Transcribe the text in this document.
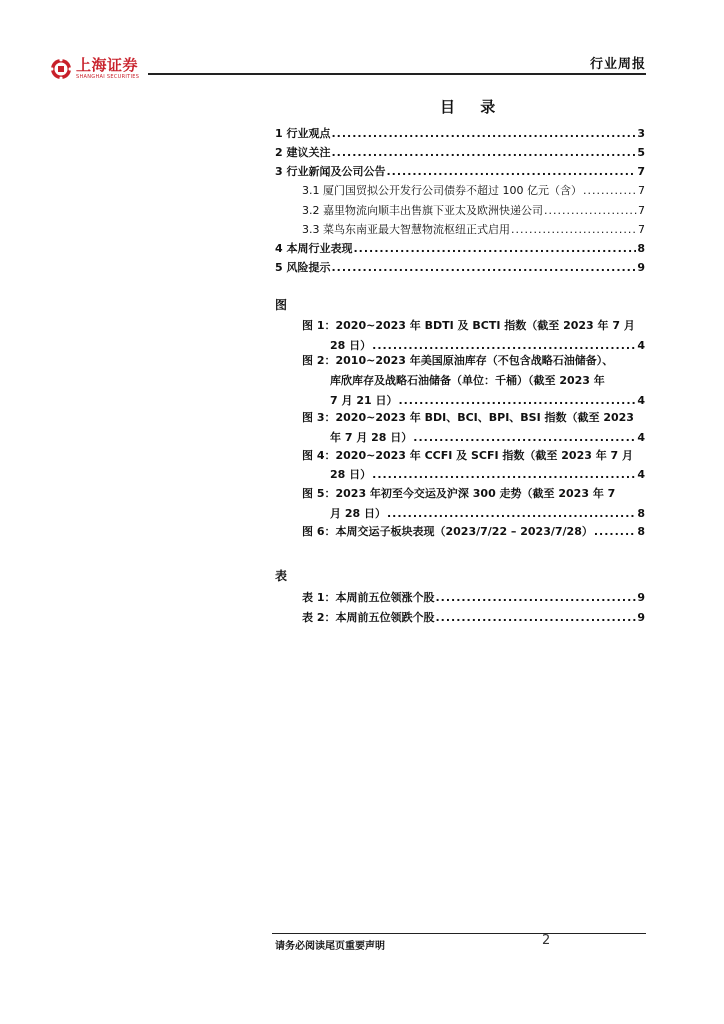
上海证券
SHANGHAI SECURITIES
行业周报
目 录
1 行业观点 .....	3
2 建议关注 .....	5
3 行业新闻及公司公告 .....	7
3.1 厦门国贸拟公开发行公司债券不超过 100 亿元（含） .....	7
3.2 嘉里物流向顺丰出售旗下亚太及欧洲快递公司 .....	7
3.3 菜鸟东南亚最大智慧物流枢纽正式启用 .....	7
4 本周行业表现 .....	8
5 风险提示 .....	9
图
图 1：2020~2023 年 BDTI 及 BCTI 指数（截至 2023 年 7 月
28 日） .....	4
图 2：2010~2023 年美国原油库存（不包含战略石油储备）、
库欣库存及战略石油储备（单位：千桶）（截至 2023 年
7 月 21 日） .....	4
图 3：2020~2023 年 BDI、BCI、BPI、BSI 指数（截至 2023
年 7 月 28 日） .....	4
图 4：2020~2023 年 CCFI 及 SCFI 指数（截至 2023 年 7 月
28 日） .....	4
图 5：2023 年初至今交运及沪深 300 走势（截至 2023 年 7
月 28 日） .....	8
图 6：本周交运子板块表现（2023/7/22 – 2023/7/28） .....	8
表
表 1：本周前五位领涨个股 .....	9
表 2：本周前五位领跌个股 .....	9
请务必阅读尾页重要声明	2
